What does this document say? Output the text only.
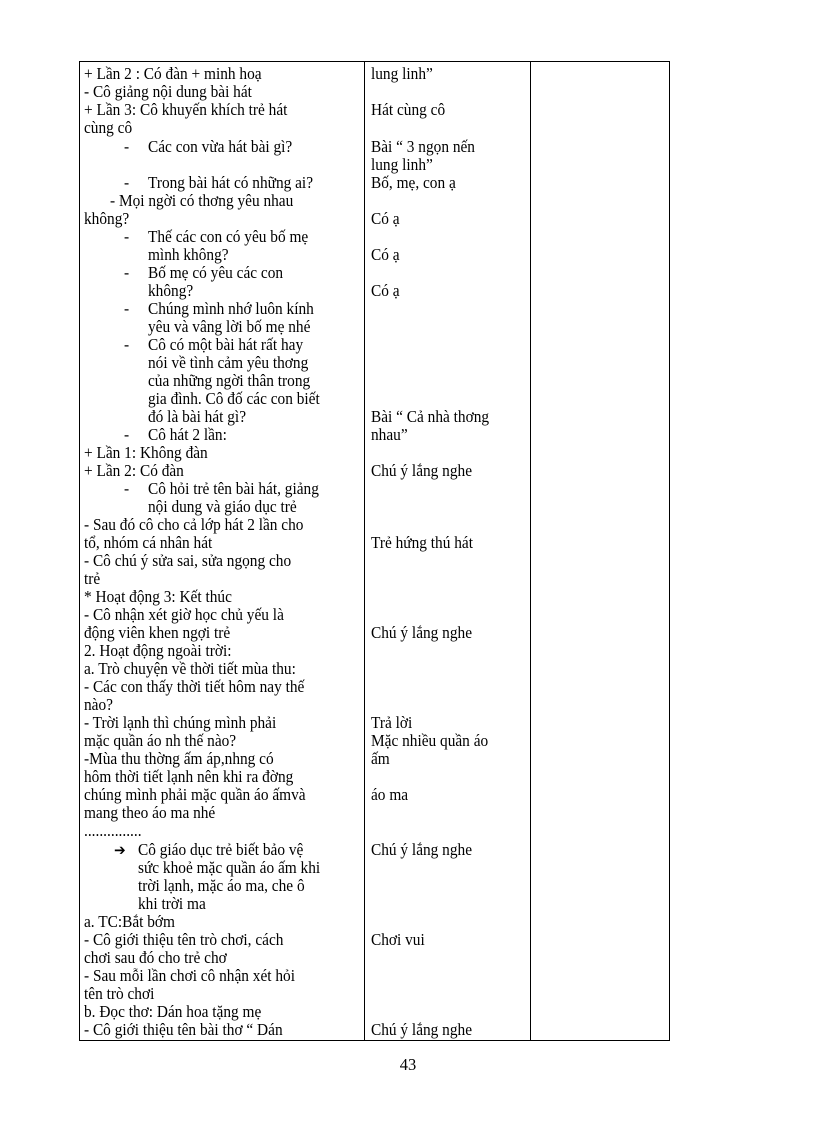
+ Lần 2 : Có đàn + minh hoạ
- Cô giảng nội dung bài hát
+ Lần 3: Cô khuyến khích trẻ hát
cùng cô
- Các con vừa hát bài gì?
- Trong bài hát có những ai?
- Mọi ngời có thơng yêu nhau
không?
- Thế các con có yêu bố mẹ
mình không?
- Bố mẹ có yêu các con
không?
- Chúng mình nhớ luôn kính
yêu và vâng lời bố mẹ nhé
- Cô có một bài hát rất hay
nói về tình cảm yêu thơng
của những ngời thân trong
gia đình. Cô đố các con biết
đó là bài hát gì?
- Cô hát 2 lần:
+ Lần 1: Không đàn
+ Lần 2: Có đàn
- Cô hỏi trẻ tên bài hát, giảng
nội dung và giáo dục trẻ
- Sau đó cô cho cả lớp hát 2 lần cho
tổ, nhóm cá nhân hát
- Cô chú ý sửa sai, sửa ngọng cho
trẻ
* Hoạt động 3: Kết thúc
- Cô nhận xét giờ học chủ yếu là
động viên khen ngợi trẻ
2. Hoạt động ngoài trời:
a. Trò chuyện về thời tiết mùa thu:
- Các con thấy thời tiết hôm nay thế
nào?
- Trời lạnh thì chúng mình phải
mặc quần áo nh thế nào?
-Mùa thu thờng ấm áp,nhng có
hôm thời tiết lạnh nên khi ra đờng
chúng mình phải mặc quần áo ấmvà
mang theo áo ma nhé
...............
➔ Cô giáo dục trẻ biết bảo vệ
sức khoẻ mặc quần áo ấm khi
trời lạnh, mặc áo ma, che ô
khi trời ma
a. TC:Bắt bớm
- Cô giới thiệu tên trò chơi, cách
chơi sau đó cho trẻ chơ
- Sau mỗi lần chơi cô nhận xét hỏi
tên trò chơi
b. Đọc thơ: Dán hoa tặng mẹ
- Cô giới thiệu tên bài thơ “ Dán
lung linh”
Hát cùng cô
Bài “ 3 ngọn nến
lung linh”
Bố, mẹ, con ạ
Có ạ
Có ạ
Có ạ
Bài “ Cả nhà thơng
nhau”
Chú ý lắng nghe
Trẻ hứng thú hát
Chú ý lắng nghe
Trả lời
Mặc nhiều quần áo
ấm
áo ma
Chú ý lắng nghe
Chơi vui
Chú ý lắng nghe
43
